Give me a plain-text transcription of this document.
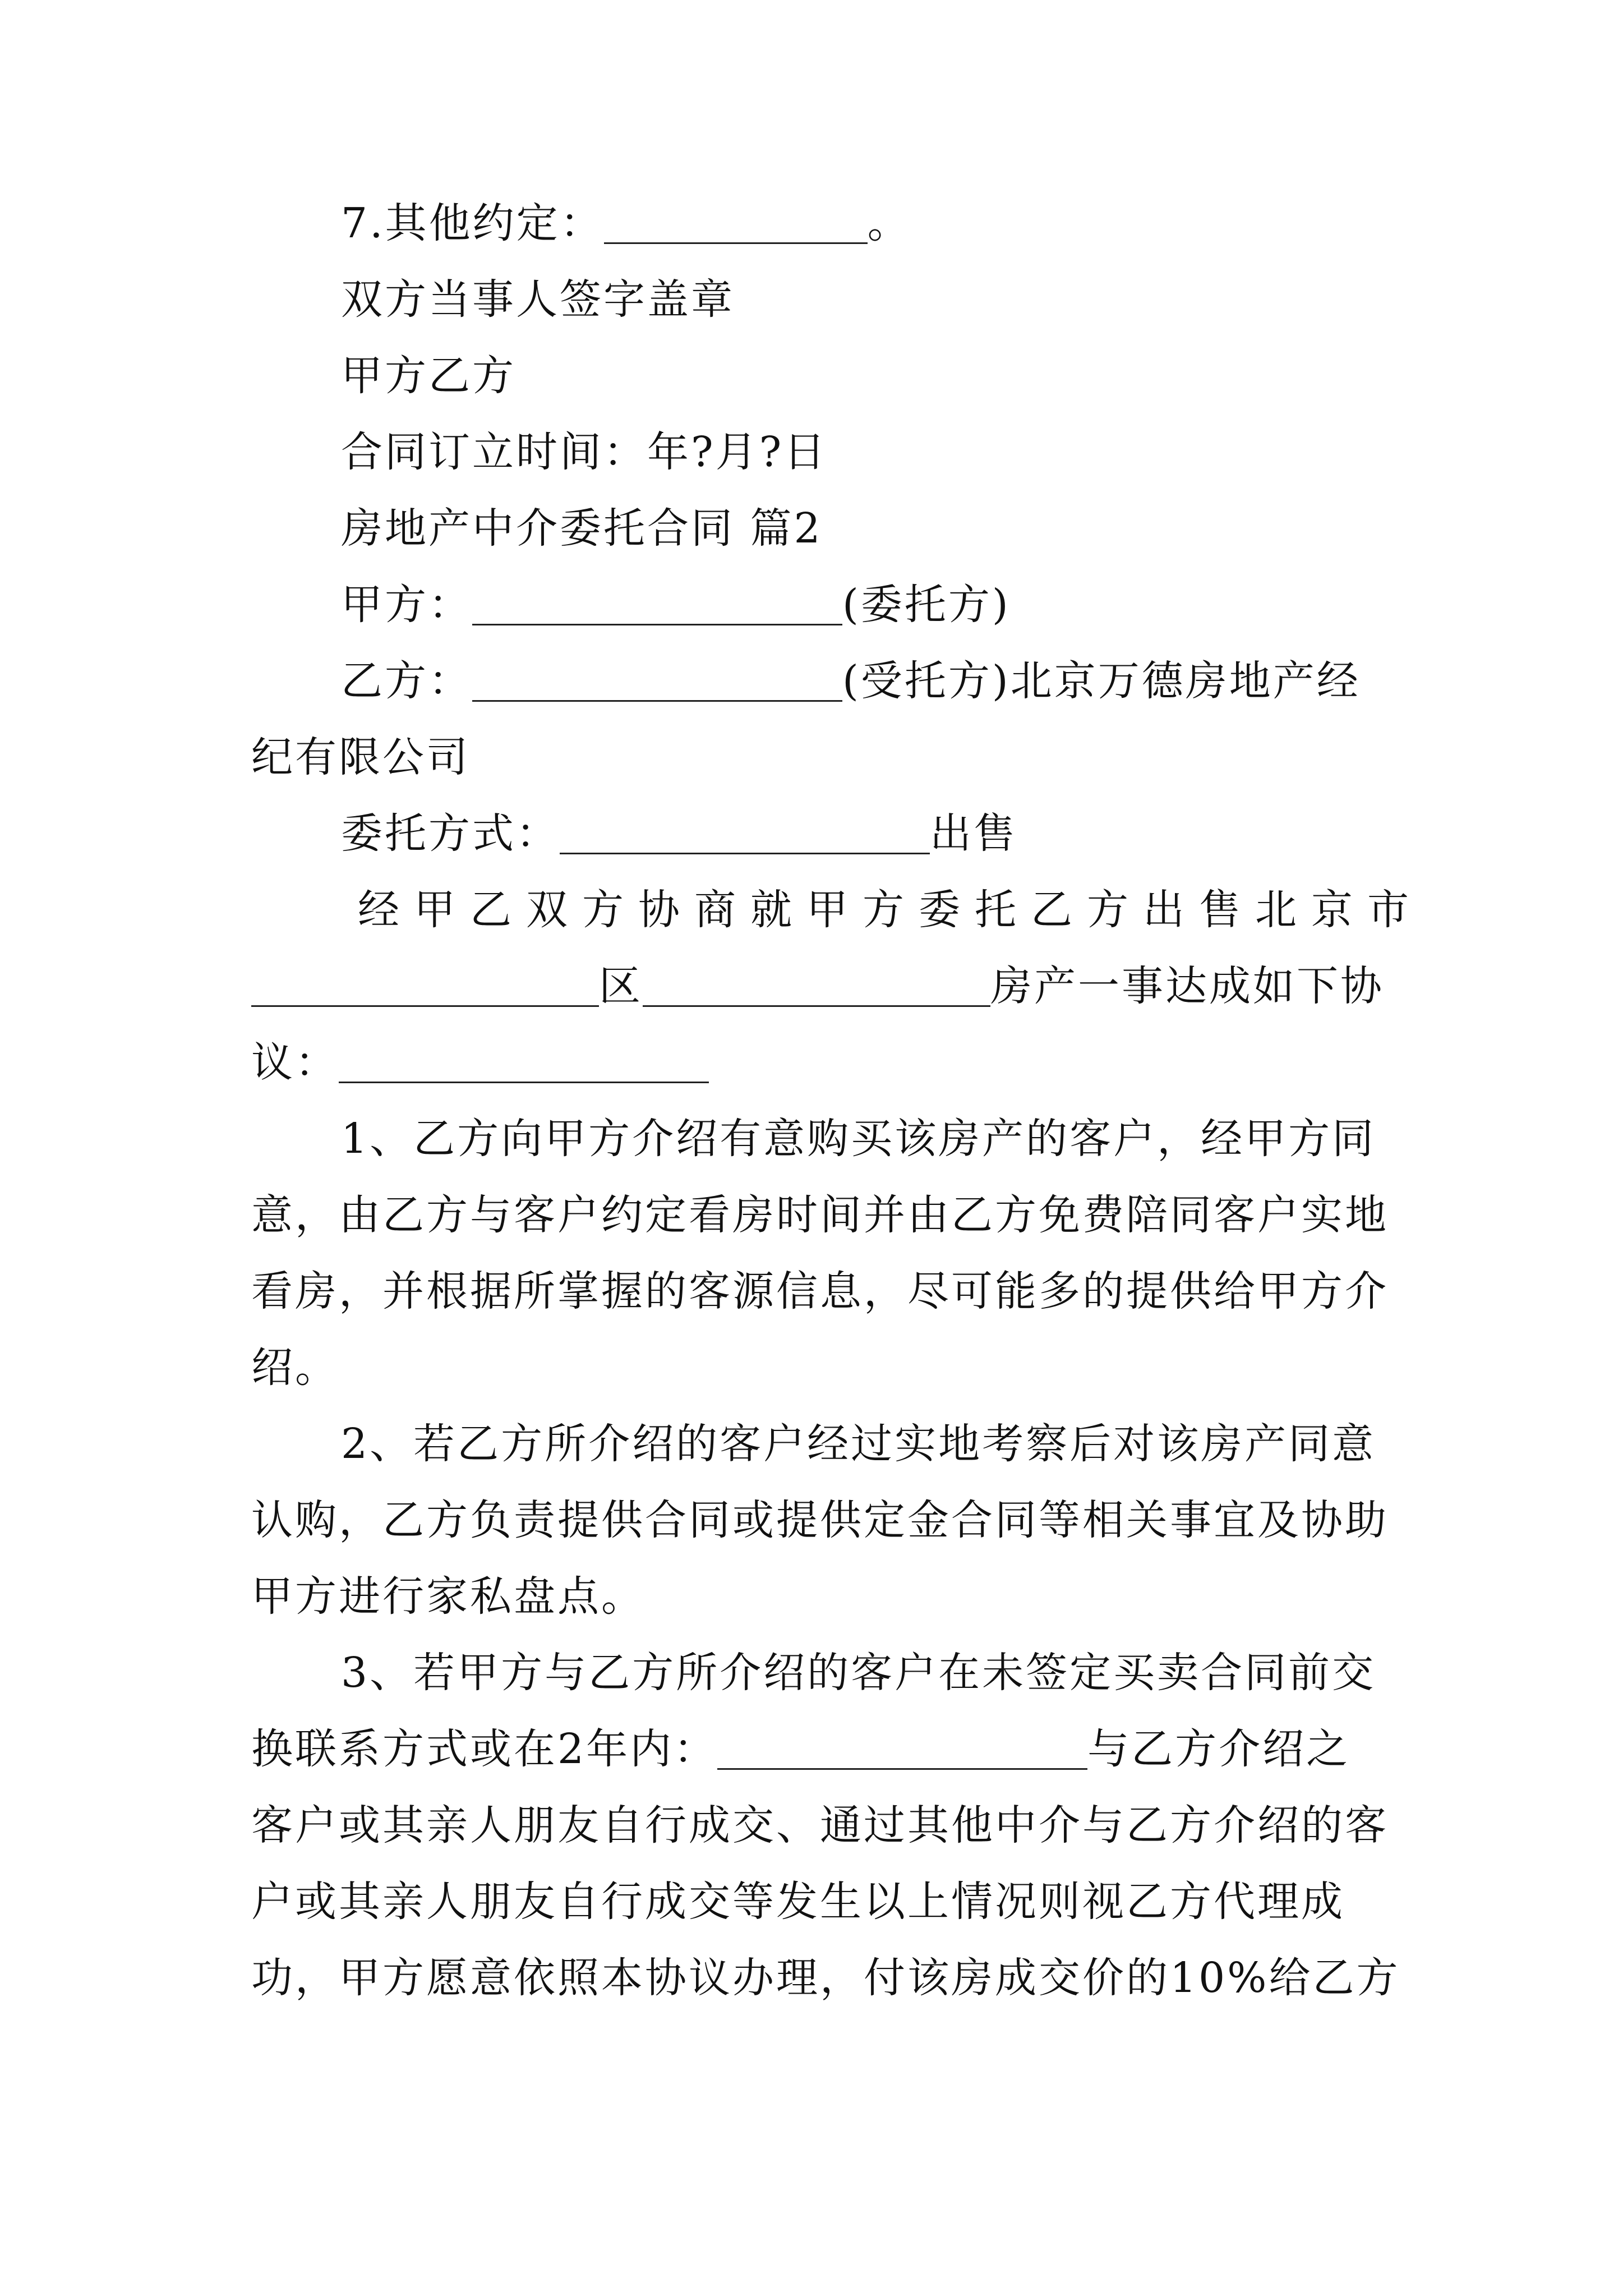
7.其他约定：	。
双方当事人签字盖章
甲方乙方
合同订立时间：年?月?日
房地产中介委托合同 篇2
甲方：	(委托方)
乙方：	(受托方)北京万德房地产经
纪有限公司
委托方式：	出售
经甲乙双方协商就甲方委托乙方出售北京市
区	房产一事达成如下协
议：
1、乙方向甲方介绍有意购买该房产的客户，经甲方同
意，由乙方与客户约定看房时间并由乙方免费陪同客户实地
看房，并根据所掌握的客源信息，尽可能多的提供给甲方介
绍。
2、若乙方所介绍的客户经过实地考察后对该房产同意
认购，乙方负责提供合同或提供定金合同等相关事宜及协助
甲方进行家私盘点。
3、若甲方与乙方所介绍的客户在未签定买卖合同前交
换联系方式或在2年内：	与乙方介绍之
客户或其亲人朋友自行成交、通过其他中介与乙方介绍的客
户或其亲人朋友自行成交等发生以上情况则视乙方代理成
功，甲方愿意依照本协议办理，付该房成交价的10%给乙方
